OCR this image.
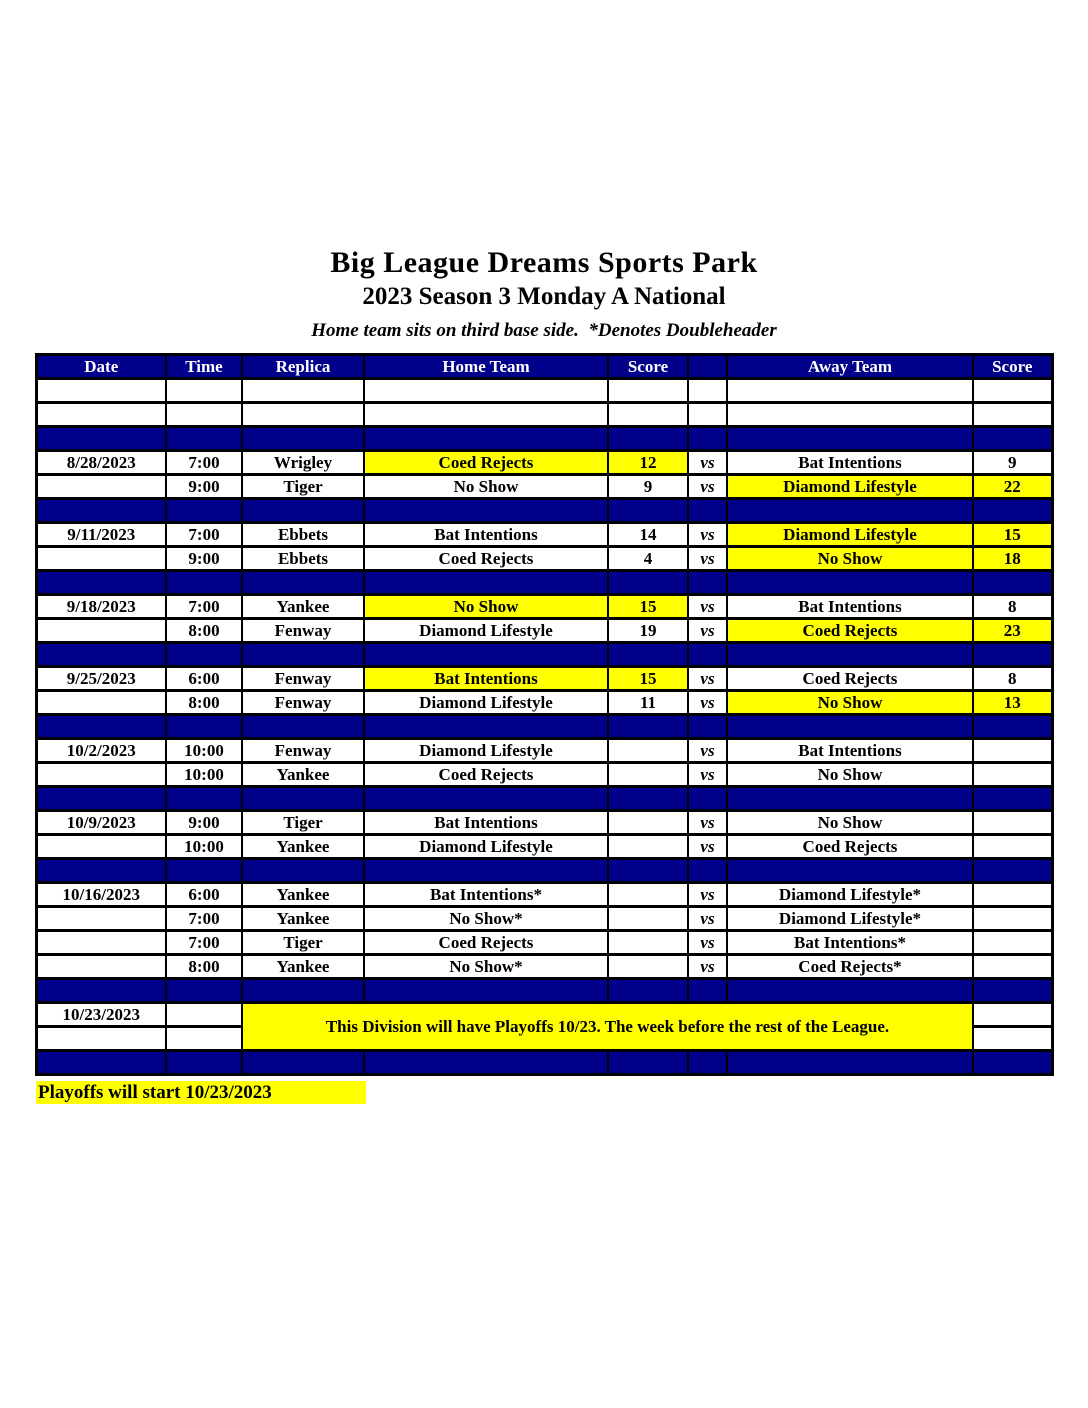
Big League Dreams Sports Park
2023 Season 3 Monday A National
Home team sits on third base side.  *Denotes Doubleheader
Date	Time	Replica	Home Team	Score		Away Team	Score

8/28/2023	7:00	Wrigley	Coed Rejects	12	vs	Bat Intentions	9
	9:00	Tiger	No Show	9	vs	Diamond Lifestyle	22

9/11/2023	7:00	Ebbets	Bat Intentions	14	vs	Diamond Lifestyle	15
	9:00	Ebbets	Coed Rejects	4	vs	No Show	18

9/18/2023	7:00	Yankee	No Show	15	vs	Bat Intentions	8
	8:00	Fenway	Diamond Lifestyle	19	vs	Coed Rejects	23

9/25/2023	6:00	Fenway	Bat Intentions	15	vs	Coed Rejects	8
	8:00	Fenway	Diamond Lifestyle	11	vs	No Show	13

10/2/2023	10:00	Fenway	Diamond Lifestyle		vs	Bat Intentions	
	10:00	Yankee	Coed Rejects		vs	No Show	

10/9/2023	9:00	Tiger	Bat Intentions		vs	No Show	
	10:00	Yankee	Diamond Lifestyle		vs	Coed Rejects	

10/16/2023	6:00	Yankee	Bat Intentions*		vs	Diamond Lifestyle*	
	7:00	Yankee	No Show*		vs	Diamond Lifestyle*	
	7:00	Tiger	Coed Rejects		vs	Bat Intentions*	
	8:00	Yankee	No Show*		vs	Coed Rejects*	

10/23/2023		This Division will have Playoffs 10/23. The week before the rest of the League.					

Playoffs will start 10/23/2023
